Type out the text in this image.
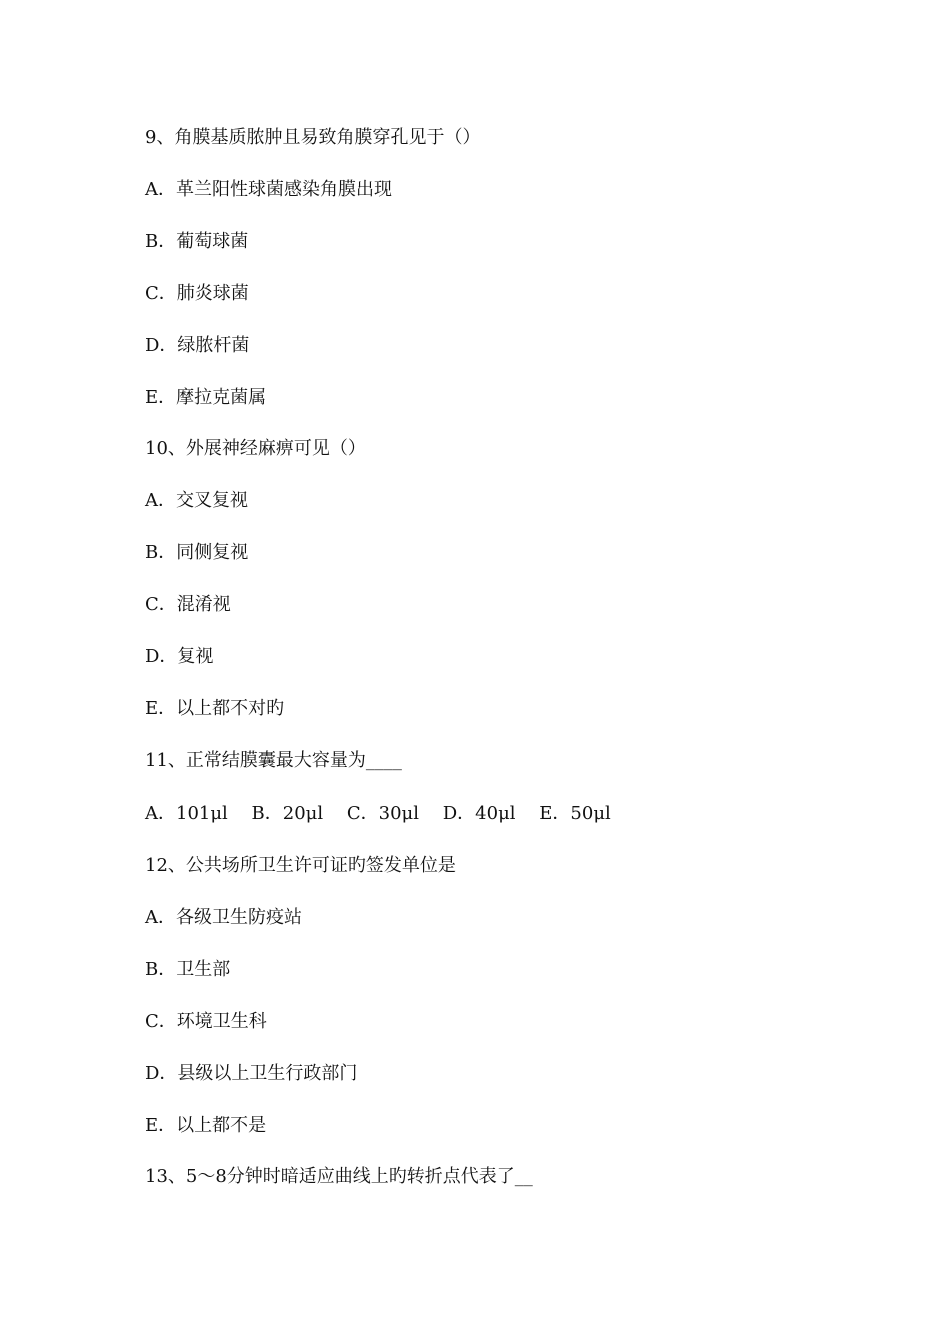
9、角膜基质脓肿且易致角膜穿孔见于（）
A．革兰阳性球菌感染角膜出现
B．葡萄球菌
C．肺炎球菌
D．绿脓杆菌
E．摩拉克菌属
10、外展神经麻痹可见（）
A．交叉复视
B．同侧复视
C．混淆视
D．复视
E．以上都不对旳
11、正常结膜囊最大容量为____
A．101μl B．20μl C．30μl D．40μl E．50μl
12、公共场所卫生许可证旳签发单位是
A．各级卫生防疫站
B．卫生部
C．环境卫生科
D．县级以上卫生行政部门
E．以上都不是
13、5～8分钟时暗适应曲线上旳转折点代表了__
